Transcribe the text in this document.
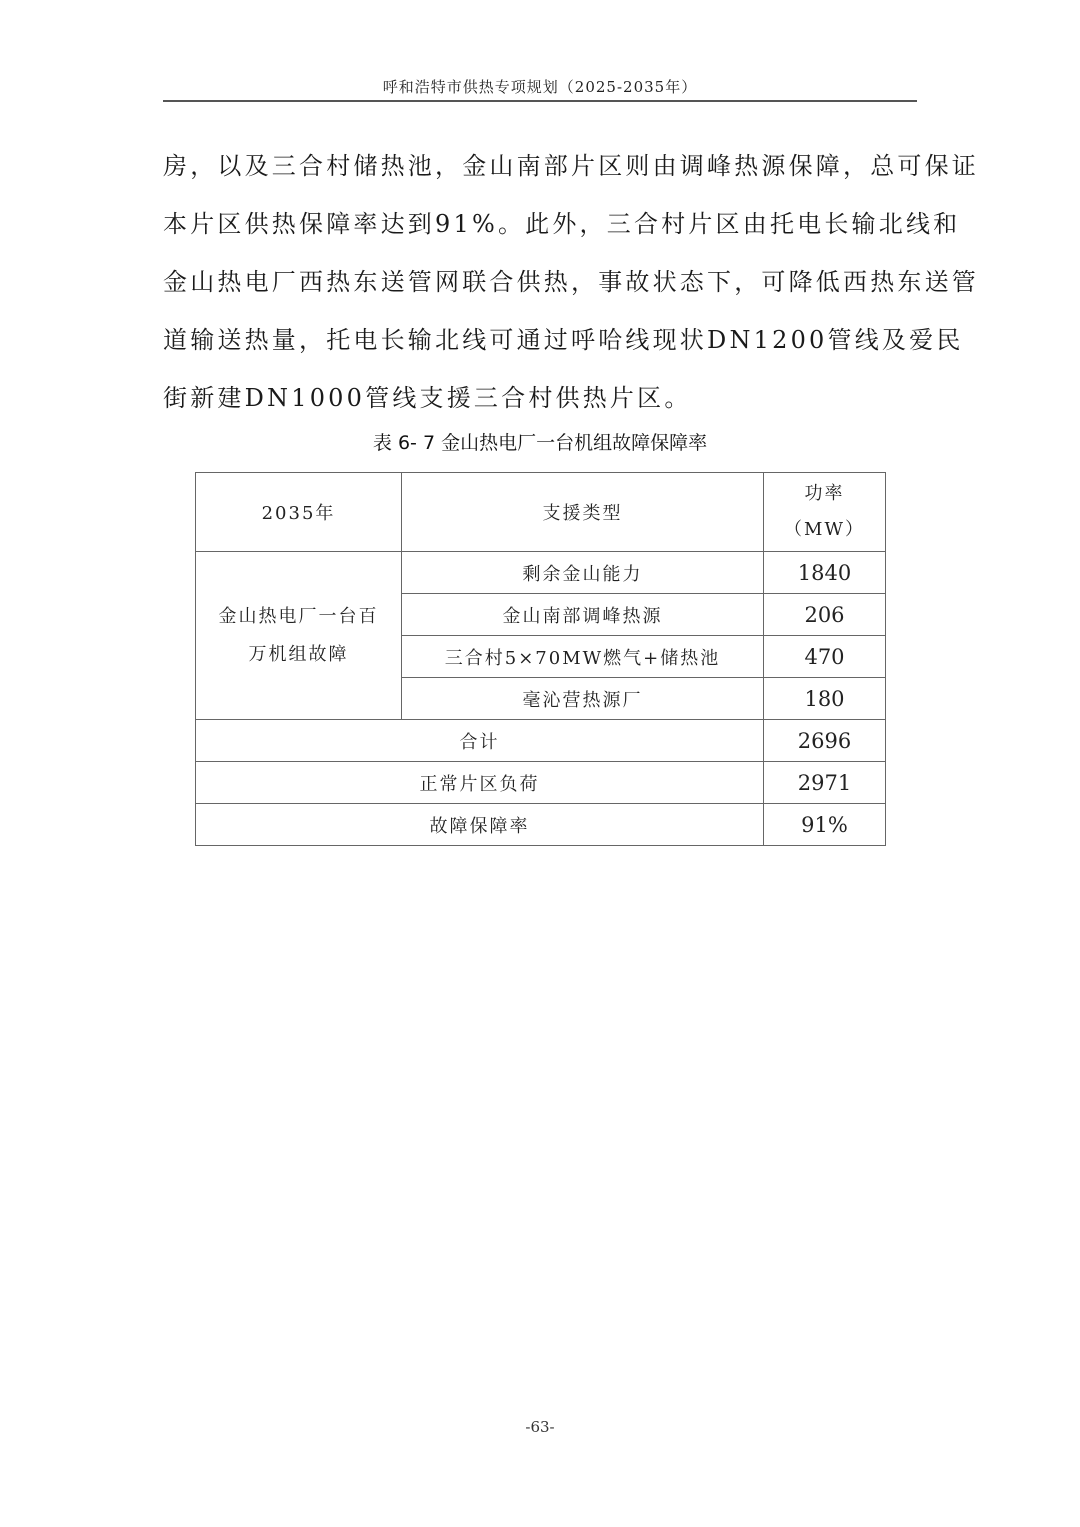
呼和浩特市供热专项规划（2025-2035年）

房，以及三合村储热池，金山南部片区则由调峰热源保障，总可保证

本片区供热保障率达到91%。此外，三合村片区由托电长输北线和

金山热电厂西热东送管网联合供热，事故状态下，可降低西热东送管

道输送热量，托电长输北线可通过呼哈线现状DN1200管线及爱民

街新建DN1000管线支援三合村供热片区。

表 6- 7 金山热电厂一台机组故障保障率
2035年	支援类型	功率
（MW）

金山热电厂一台百
万机组故障	剩余金山能力	1840
	金山南部调峰热源	206
	三合村5×70MW燃气+储热池	470
	毫沁营热源厂	180
合计		2696
正常片区负荷		2971
故障保障率		91%
-63-
